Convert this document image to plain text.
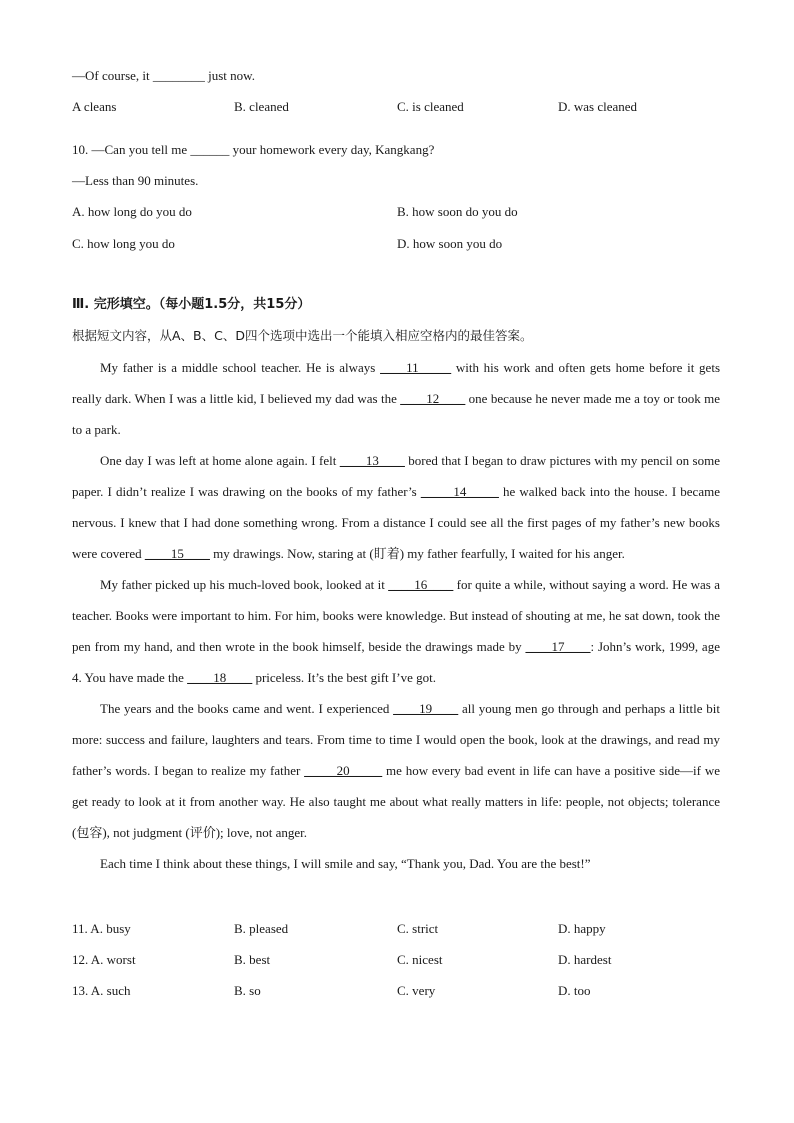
—Of course, it ________ just now.
A cleans	B. cleaned	C. is cleaned	D. was cleaned
10. —Can you tell me ______ your homework every day, Kangkang?
—Less than 90 minutes.
A. how long do you do	B. how soon do you do
C. how long you do	D. how soon you do
Ⅲ. 完形填空。（每小题1.5分，共15分）
根据短文内容，从A、B、C、D四个选项中选出一个能填入相应空格内的最佳答案。

My father is a middle school teacher. He is always ____11_____ with his work and often gets home before it gets really dark. When I was a little kid, I believed my dad was the ____12____ one because he never made me a toy or took me to a park.

One day I was left at home alone again. I felt ____13____ bored that I began to draw pictures with my pencil on some paper. I didn’t realize I was drawing on the books of my father’s _____14_____ he walked back into the house. I became nervous. I knew that I had done something wrong. From a distance I could see all the first pages of my father’s new books were covered ____15____ my drawings. Now, staring at (盯着) my father fearfully, I waited for his anger.

My father picked up his much-loved book, looked at it ____16____ for quite a while, without saying a word. He was a teacher. Books were important to him. For him, books were knowledge. But instead of shouting at me, he sat down, took the pen from my hand, and then wrote in the book himself, beside the drawings made by ____17____: John’s work, 1999, age 4. You have made the ____18____ priceless. It’s the best gift I’ve got.

The years and the books came and went. I experienced ____19____ all young men go through and perhaps a little bit more: success and failure, laughters and tears. From time to time I would open the book, look at the drawings, and read my father’s words. I began to realize my father _____20_____ me how every bad event in life can have a positive side—if we get ready to look at it from another way. He also taught me about what really matters in life: people, not objects; tolerance (包容), not judgment (评价); love, not anger.

Each time I think about these things, I will smile and say, “Thank you, Dad. You are the best!”

11. A. busy	B. pleased	C. strict	D. happy
12. A. worst	B. best	C. nicest	D. hardest
13. A. such	B. so	C. very	D. too
